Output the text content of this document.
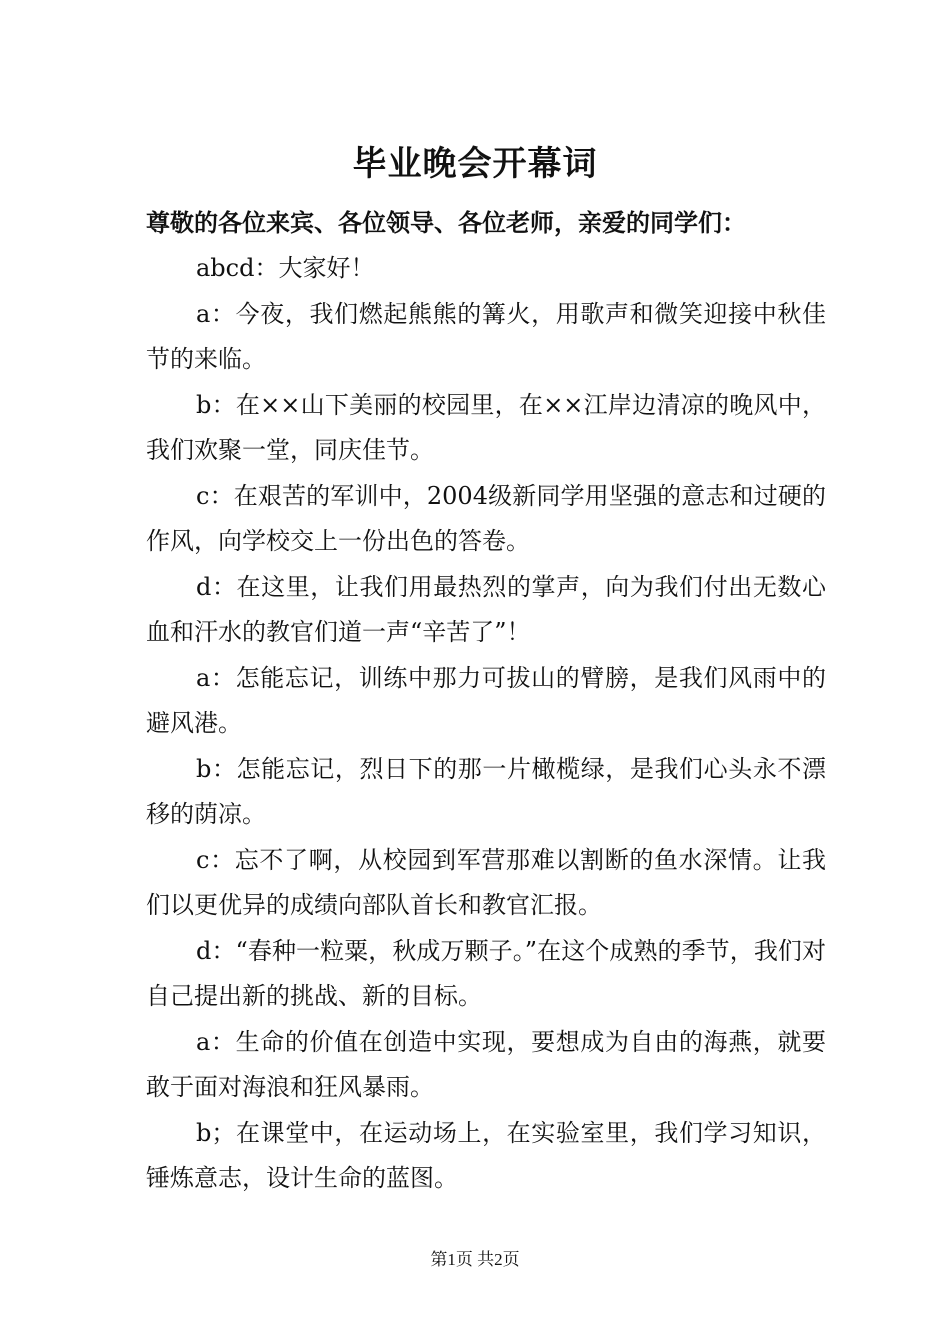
毕业晚会开幕词
尊敬的各位来宾、各位领导、各位老师，亲爱的同学们：

abcd：大家好！

a：今夜，我们燃起熊熊的篝火，用歌声和微笑迎接中秋佳节的来临。

b：在××山下美丽的校园里，在××江岸边清凉的晚风中，我们欢聚一堂，同庆佳节。

c：在艰苦的军训中，2004级新同学用坚强的意志和过硬的作风，向学校交上一份出色的答卷。

d：在这里，让我们用最热烈的掌声，向为我们付出无数心血和汗水的教官们道一声“辛苦了”！

a：怎能忘记，训练中那力可拔山的臂膀，是我们风雨中的避风港。

b：怎能忘记，烈日下的那一片橄榄绿，是我们心头永不漂移的荫凉。

c：忘不了啊，从校园到军营那难以割断的鱼水深情。让我们以更优异的成绩向部队首长和教官汇报。

d：“春种一粒粟，秋成万颗子。”在这个成熟的季节，我们对自己提出新的挑战、新的目标。

a：生命的价值在创造中实现，要想成为自由的海燕，就要敢于面对海浪和狂风暴雨。

b；在课堂中，在运动场上，在实验室里，我们学习知识，锤炼意志，设计生命的蓝图。

第1页 共2页
